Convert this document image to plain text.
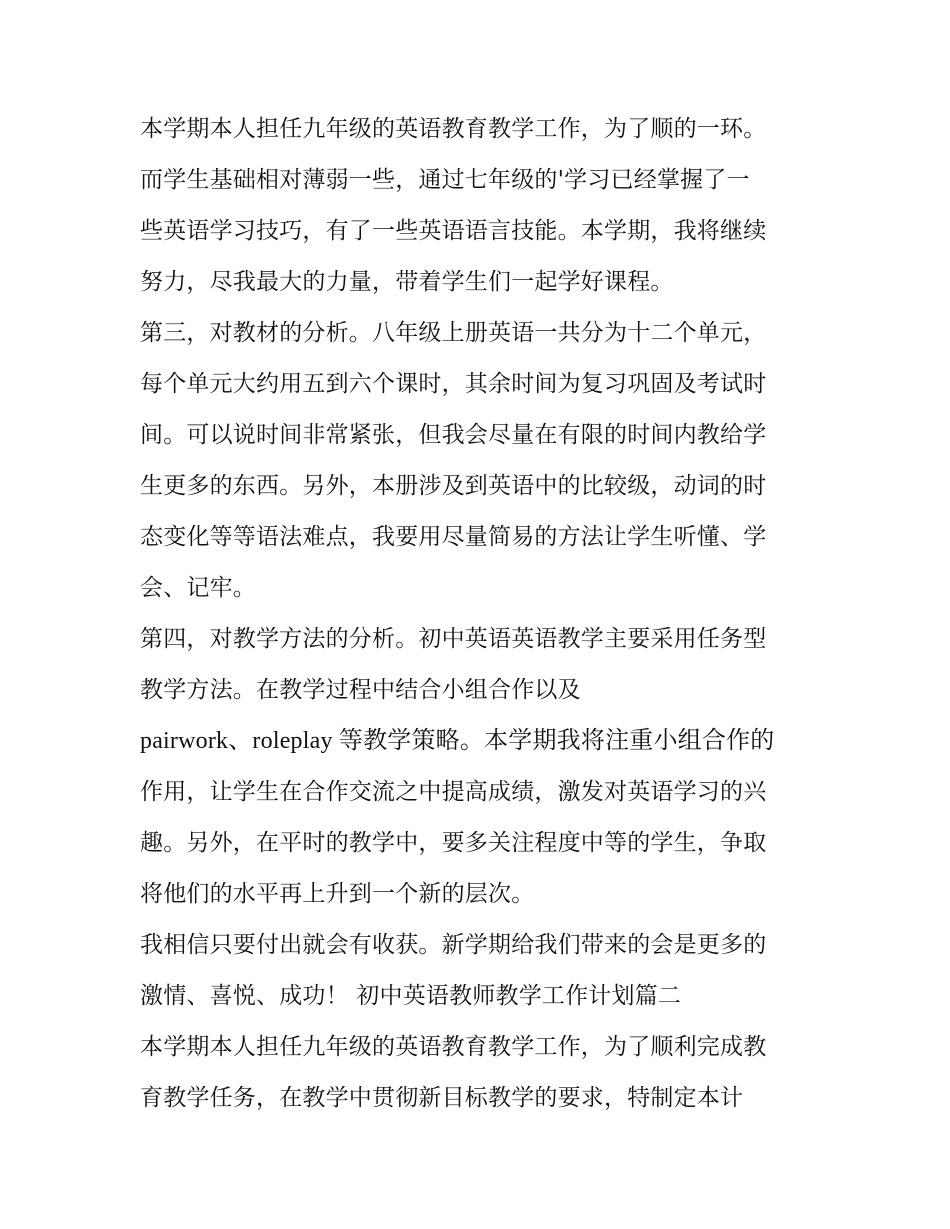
本学期本人担任九年级的英语教育教学工作，为了顺的一环。
而学生基础相对薄弱一些，通过七年级的'学习已经掌握了一
些英语学习技巧，有了一些英语语言技能。本学期，我将继续
努力，尽我最大的力量，带着学生们一起学好课程。
第三，对教材的分析。八年级上册英语一共分为十二个单元，
每个单元大约用五到六个课时，其余时间为复习巩固及考试时
间。可以说时间非常紧张，但我会尽量在有限的时间内教给学
生更多的东西。另外，本册涉及到英语中的比较级，动词的时
态变化等等语法难点，我要用尽量简易的方法让学生听懂、学
会、记牢。
第四，对教学方法的分析。初中英语英语教学主要采用任务型
教学方法。在教学过程中结合小组合作以及
pairwork、roleplay 等教学策略。本学期我将注重小组合作的
作用，让学生在合作交流之中提高成绩，激发对英语学习的兴
趣。另外，在平时的教学中，要多关注程度中等的学生，争取
将他们的水平再上升到一个新的层次。
我相信只要付出就会有收获。新学期给我们带来的会是更多的
激情、喜悦、成功！ 初中英语教师教学工作计划篇二
本学期本人担任九年级的英语教育教学工作，为了顺利完成教
育教学任务，在教学中贯彻新目标教学的要求，特制定本计
